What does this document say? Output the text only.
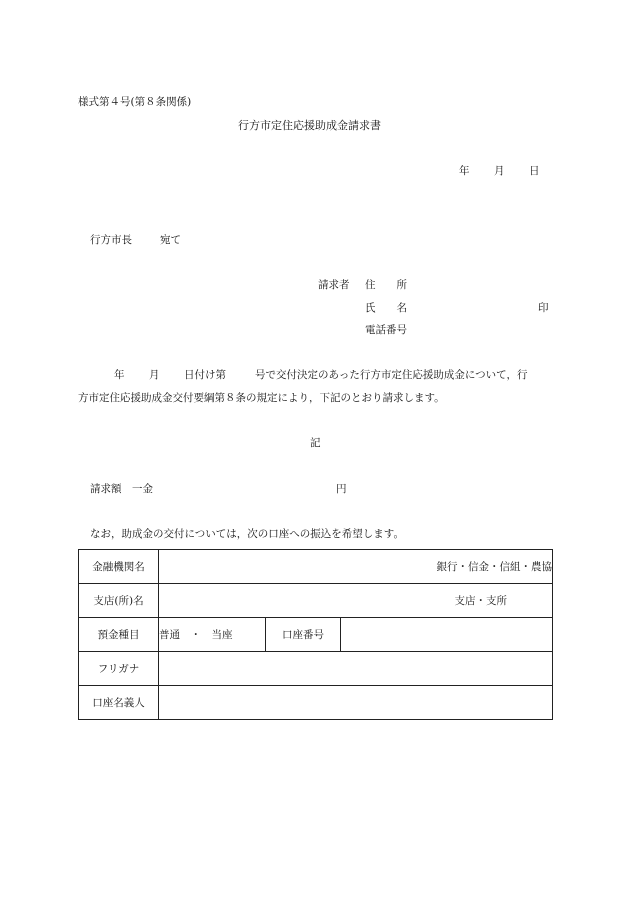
様式第４号(第８条関係)
行方市定住応援助成金請求書
年 月 日
行方市長	宛て
請求者 住　　所
氏　　名	印
電話番号
年 月 日付け第	号で交付決定のあった行方市定住応援助成金について，行
方市定住応援助成金交付要綱第８条の規定により，下記のとおり請求します。
記
請求額　一金	円
なお，助成金の交付については，次の口座への振込を希望します。
金融機関名	銀行・信金・信組・農協		
支店(所)名	支店・支所		
預金種目	普通　・　当座	口座番号	
フリガナ			
口座名義人			
